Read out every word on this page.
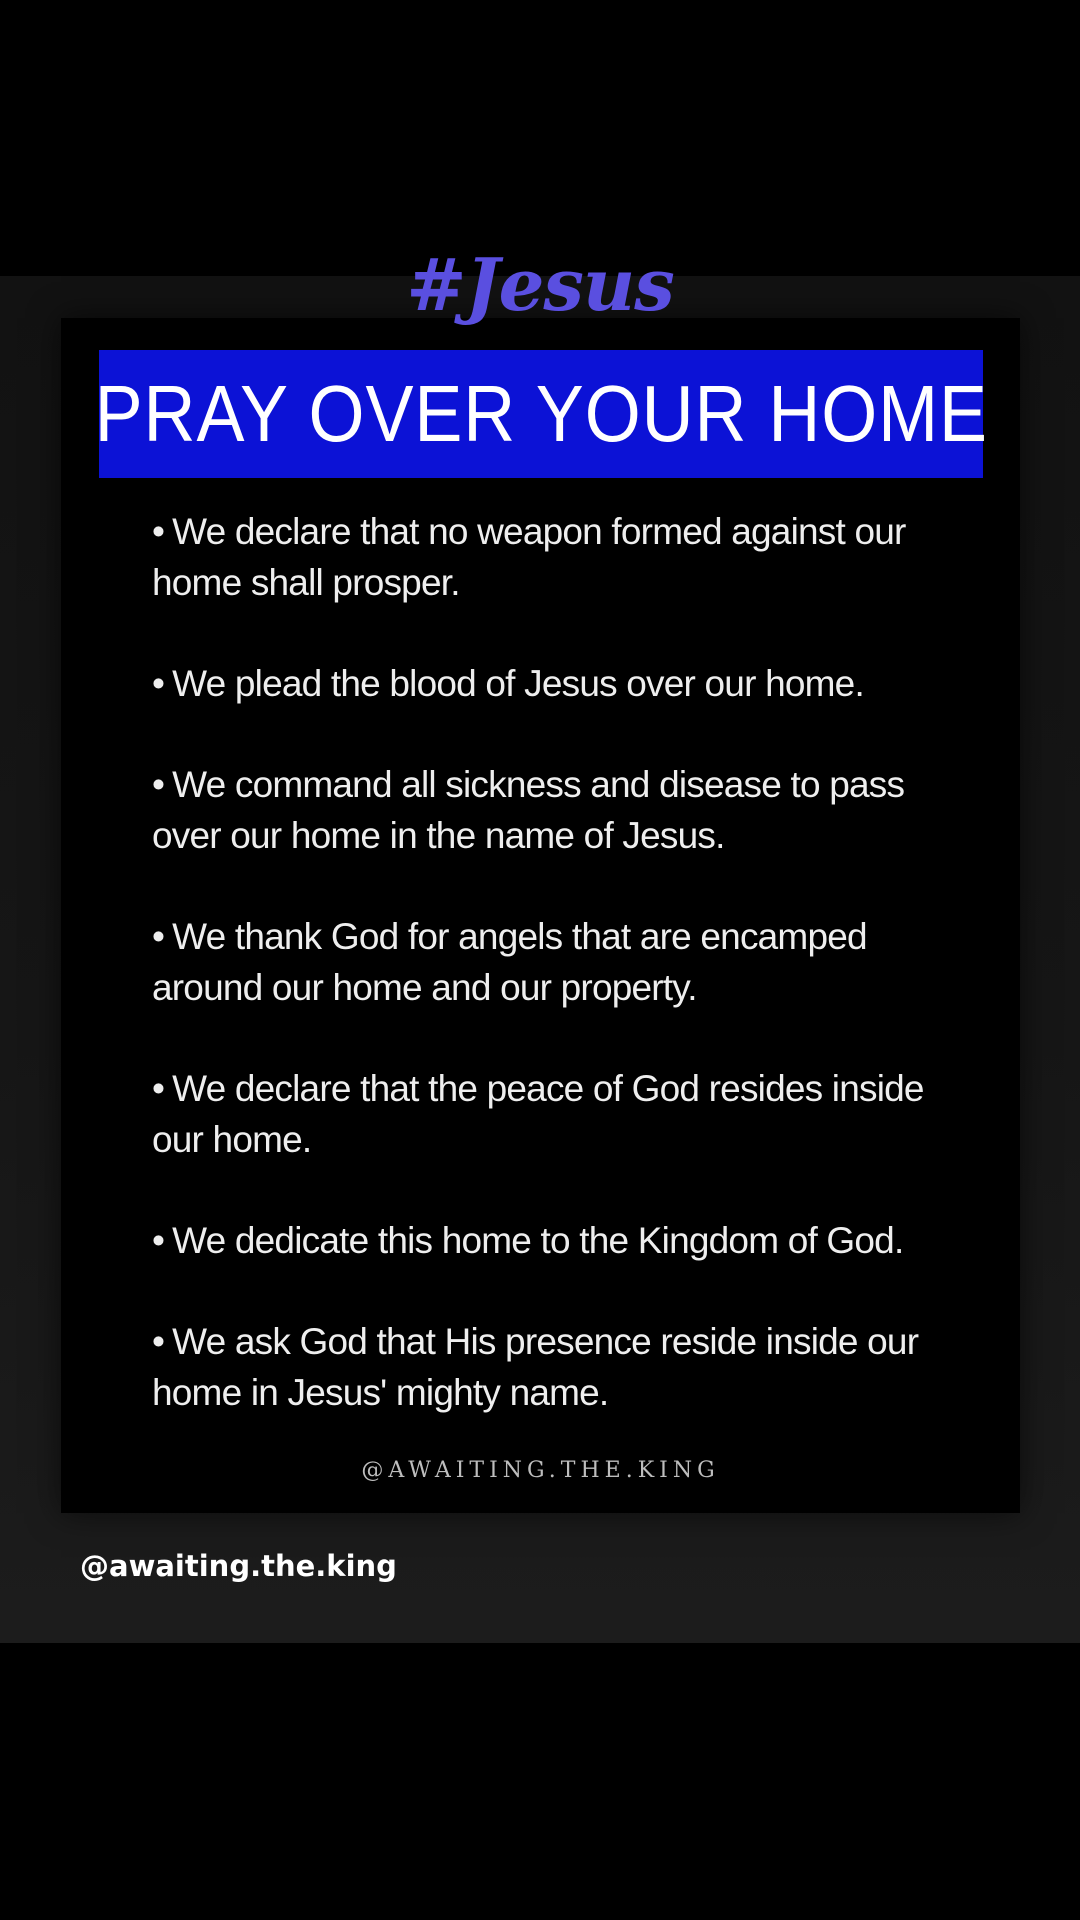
#Jesus
PRAY OVER YOUR HOME
• We declare that no weapon formed against our home shall prosper.
• We plead the blood of Jesus over our home.
• We command all sickness and disease to pass over our home in the name of Jesus.
• We thank God for angels that are encamped around our home and our property.
• We declare that the peace of God resides inside our home.
• We dedicate this home to the Kingdom of God.
• We ask God that His presence reside inside our home in Jesus' mighty name.
@AWAITING.THE.KING
@awaiting.the.king
